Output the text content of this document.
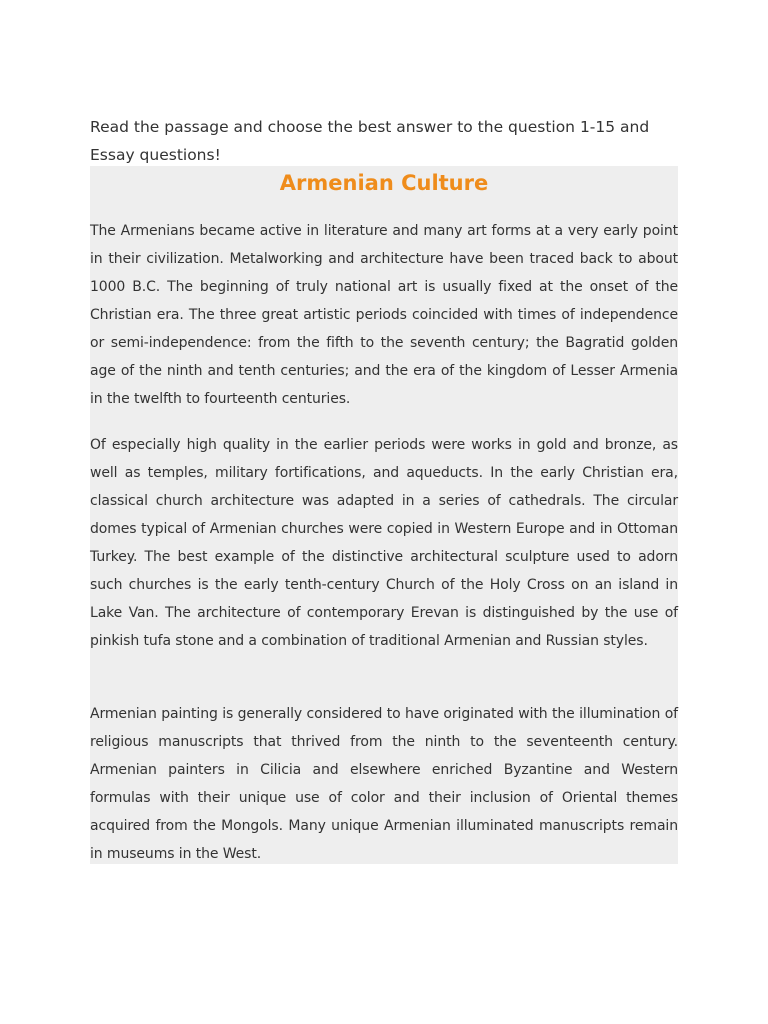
Read the passage and choose the best answer to the question 1-15 and Essay questions!

Armenian Culture

The Armenians became active in literature and many art forms at a very early point in their civilization. Metalworking and architecture have been traced back to about 1000 B.C. The beginning of truly national art is usually fixed at the onset of the Christian era. The three great artistic periods coincided with times of independence or semi-independence: from the fifth to the seventh century; the Bagratid golden age of the ninth and tenth centuries; and the era of the kingdom of Lesser Armenia in the twelfth to fourteenth centuries.

Of especially high quality in the earlier periods were works in gold and bronze, as well as temples, military fortifications, and aqueducts. In the early Christian era, classical church architecture was adapted in a series of cathedrals. The circular domes typical of Armenian churches were copied in Western Europe and in Ottoman Turkey. The best example of the distinctive architectural sculpture used to adorn such churches is the early tenth-century Church of the Holy Cross on an island in Lake Van. The architecture of contemporary Erevan is distinguished by the use of pinkish tufa stone and a combination of traditional Armenian and Russian styles.

Armenian painting is generally considered to have originated with the illumination of religious manuscripts that thrived from the ninth to the seventeenth century. Armenian painters in Cilicia and elsewhere enriched Byzantine and Western formulas with their unique use of color and their inclusion of Oriental themes acquired from the Mongols. Many unique Armenian illuminated manuscripts remain in museums in the West.
